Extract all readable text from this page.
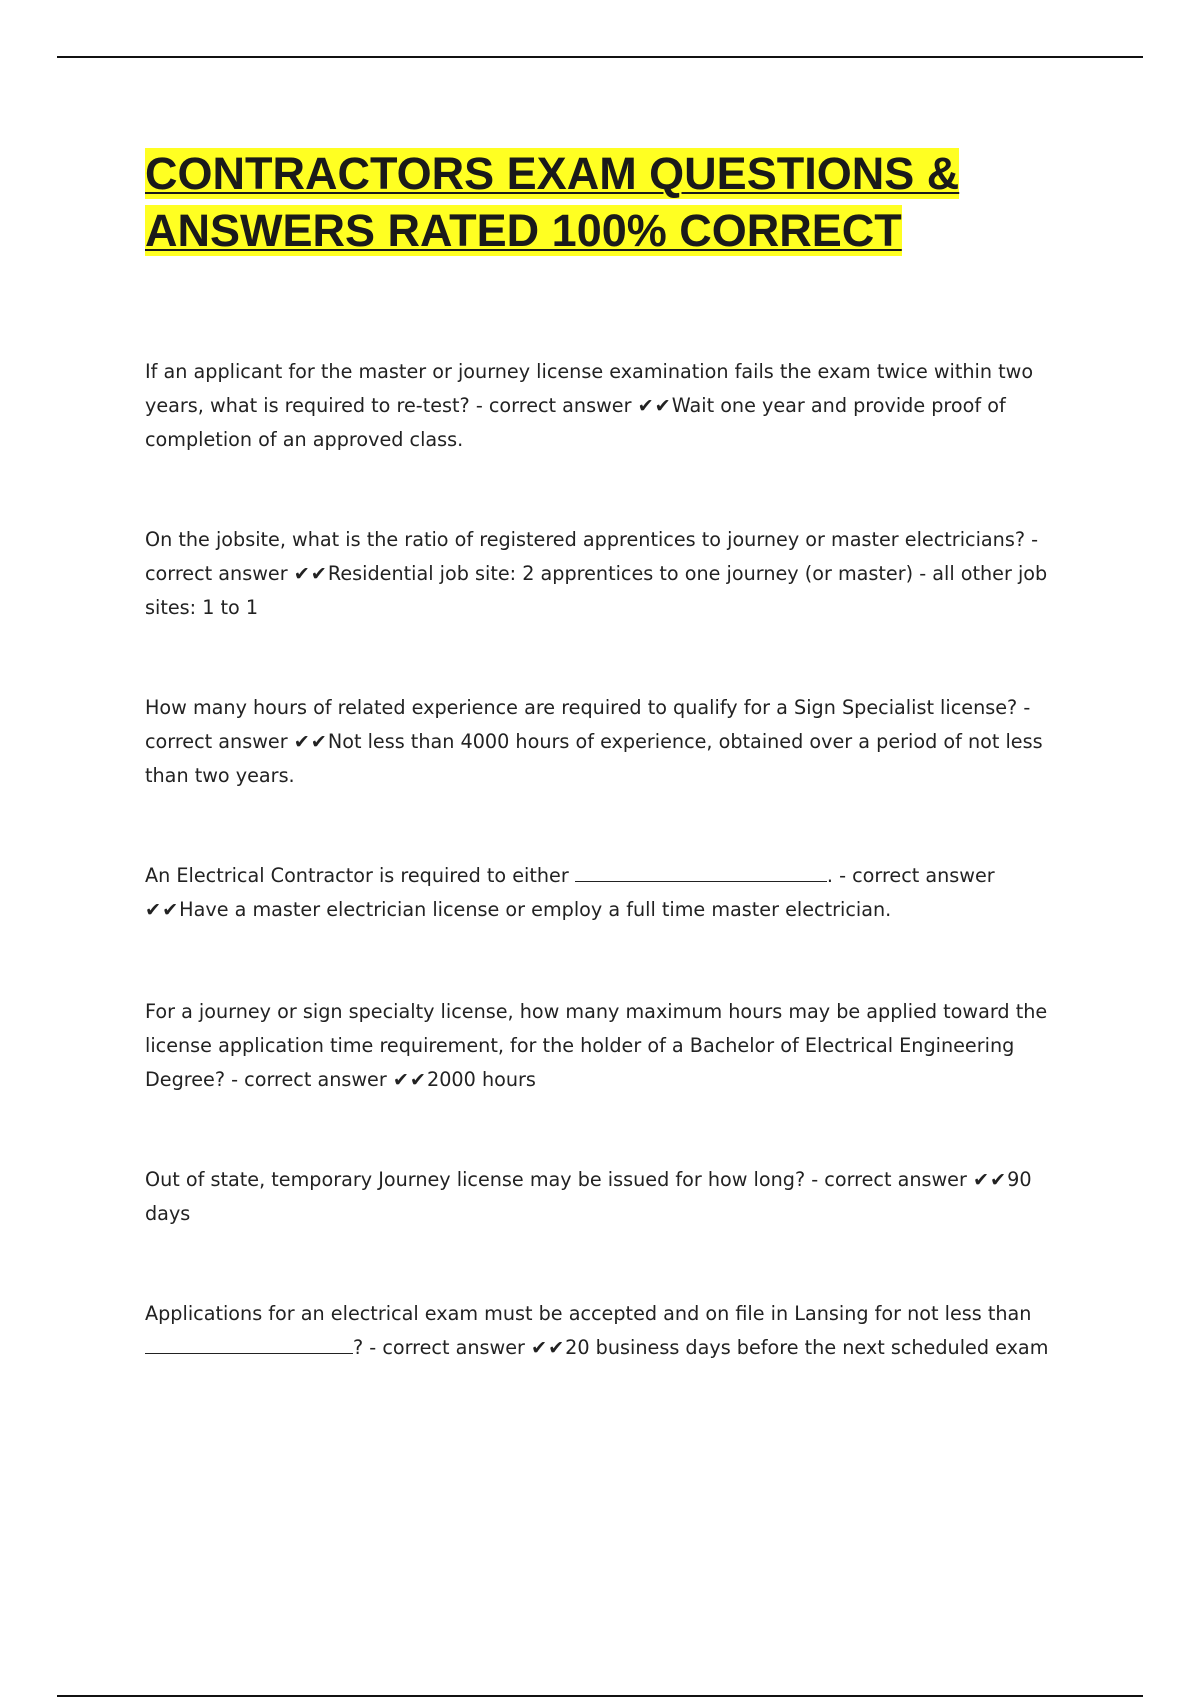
CONTRACTORS EXAM QUESTIONS & ANSWERS RATED 100% CORRECT

If an applicant for the master or journey license examination fails the exam twice within two years, what is required to re-test? - correct answer ✔✔Wait one year and provide proof of completion of an approved class.

On the jobsite, what is the ratio of registered apprentices to journey or master electricians? - correct answer ✔✔Residential job site: 2 apprentices to one journey (or master) - all other job sites: 1 to 1

How many hours of related experience are required to qualify for a Sign Specialist license? - correct answer ✔✔Not less than 4000 hours of experience, obtained over a period of not less than two years.

An Electrical Contractor is required to either	. - correct answer ✔✔Have a master electrician license or employ a full time master electrician.

For a journey or sign specialty license, how many maximum hours may be applied toward the license application time requirement, for the holder of a Bachelor of Electrical Engineering Degree? - correct answer ✔✔2000 hours

Out of state, temporary Journey license may be issued for how long? - correct answer ✔✔90 days

Applications for an electrical exam must be accepted and on file in Lansing for not less than ? - correct answer ✔✔20 business days before the next scheduled exam
